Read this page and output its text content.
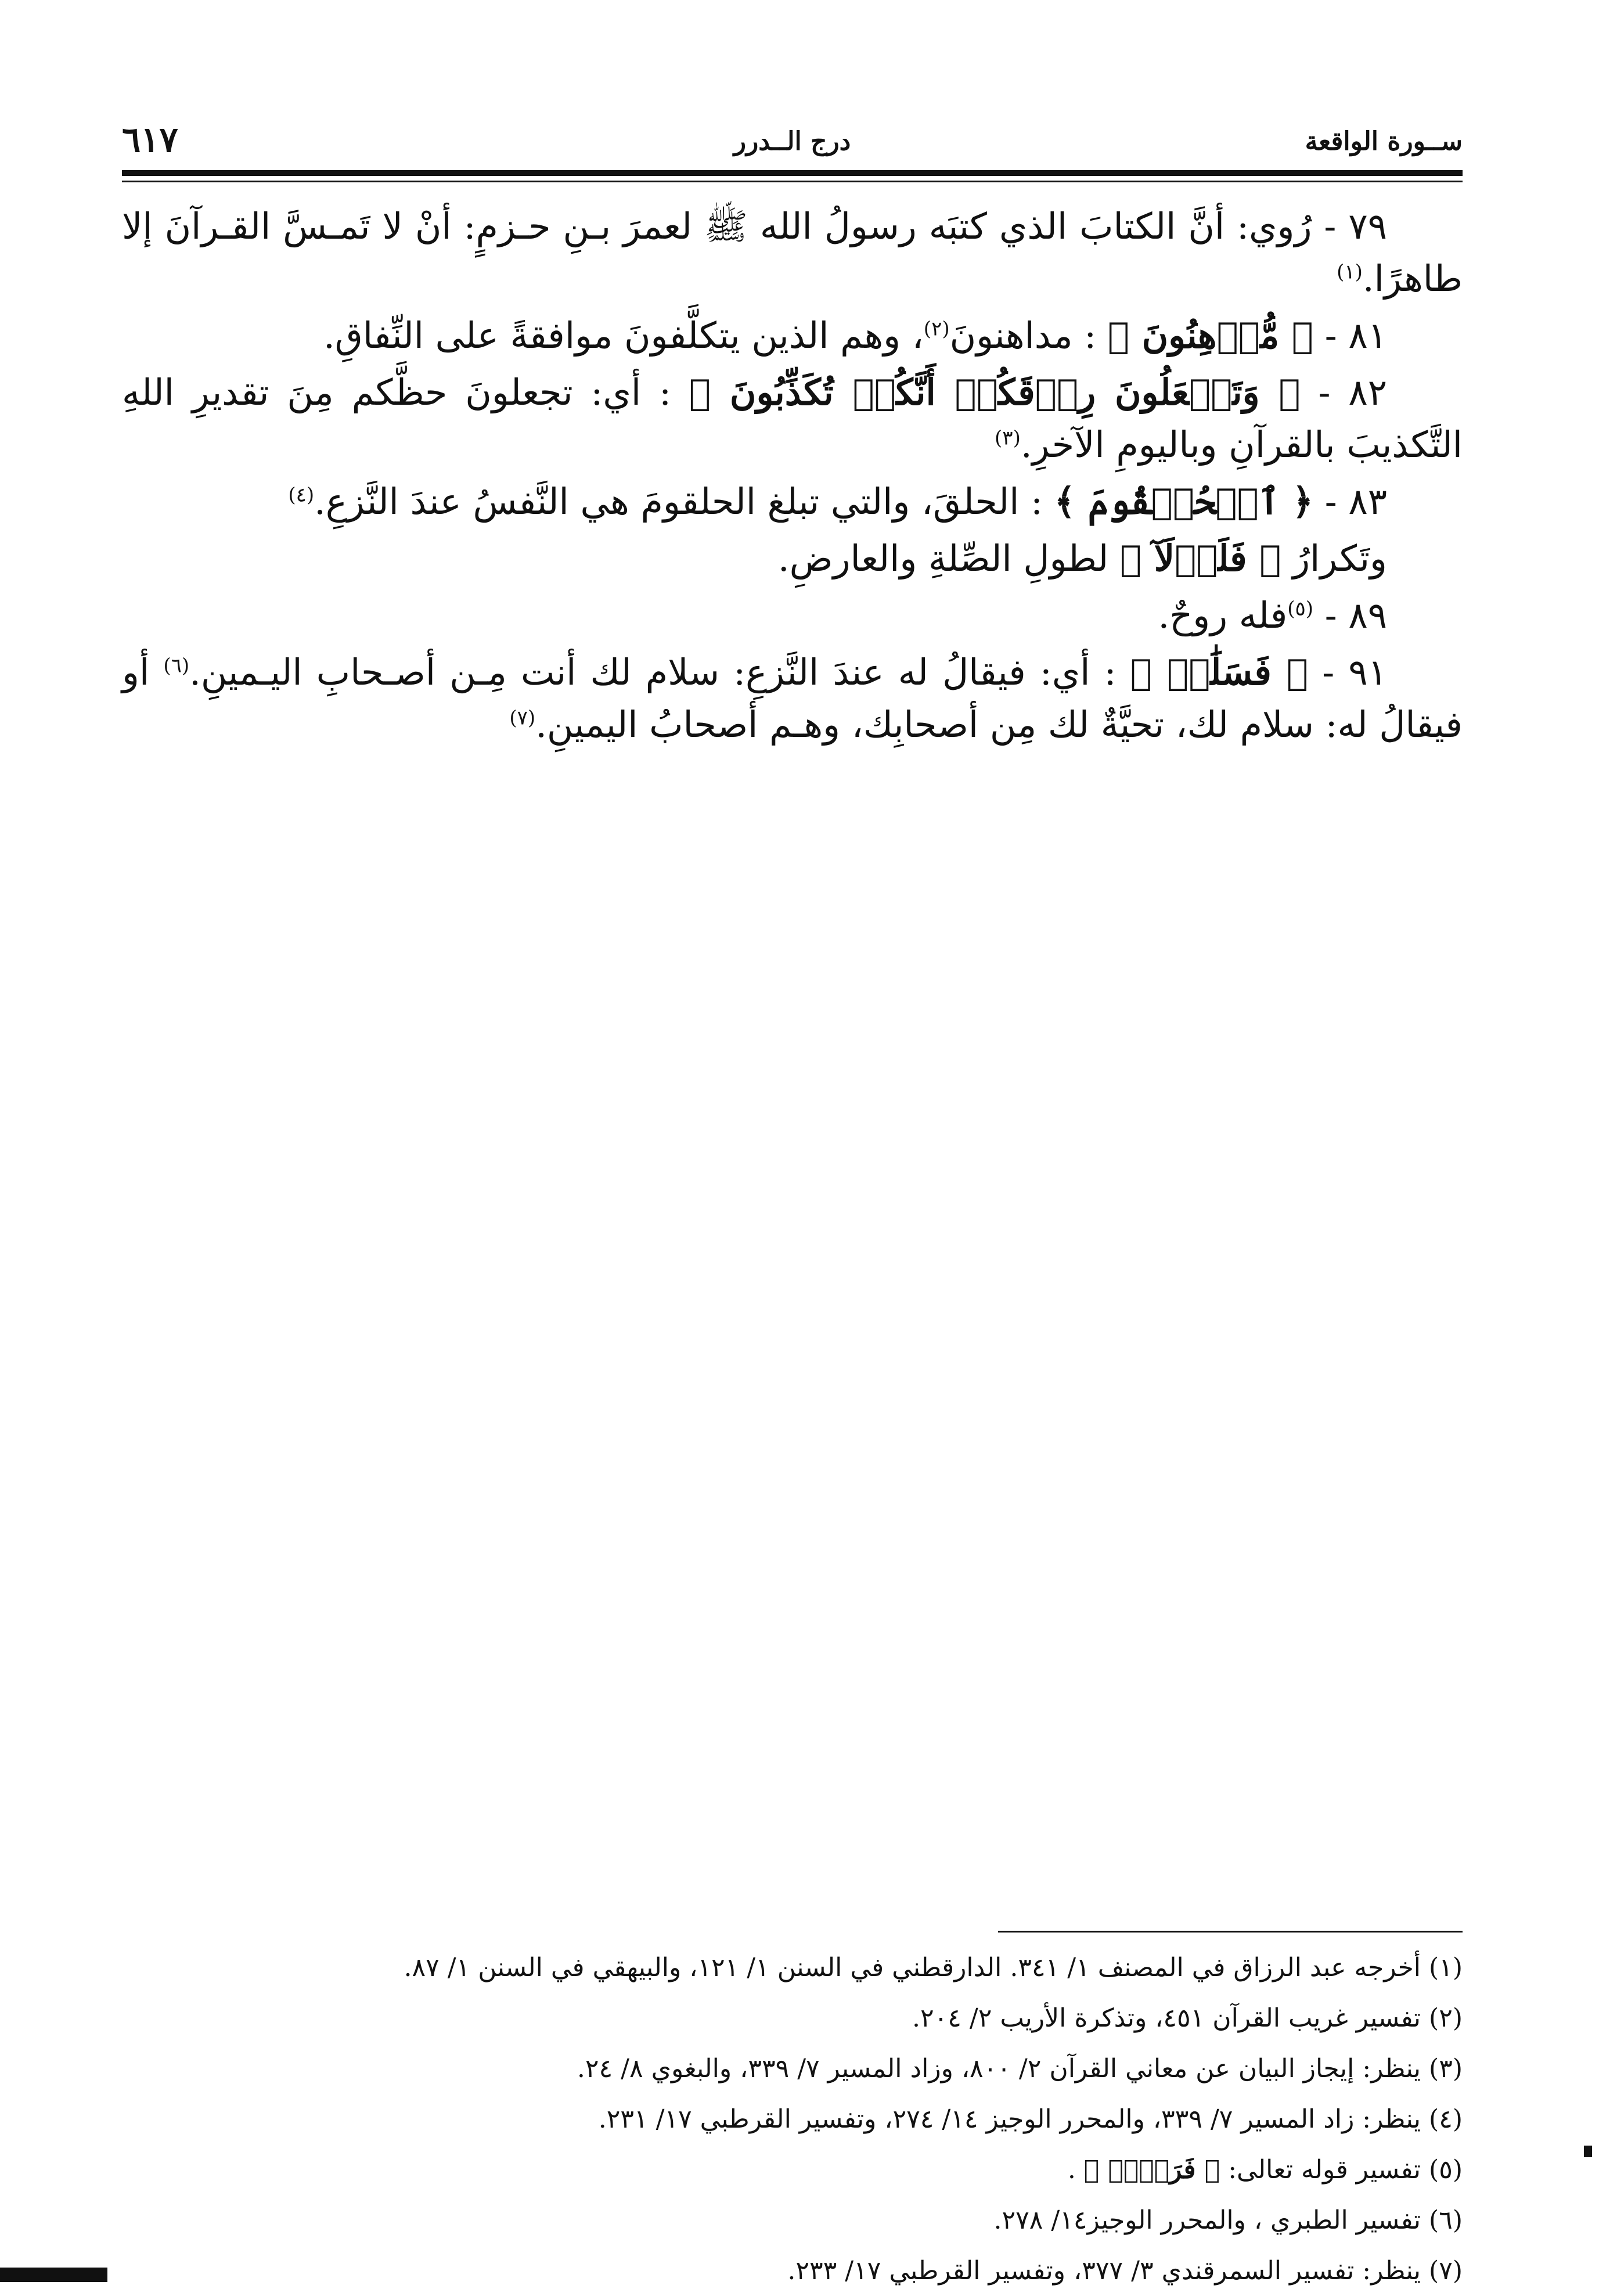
ســورة الواقعة
درج الــدرر
٦١٧

٧٩ - رُوي: أنَّ الكتابَ الذي كتبَه رسولُ الله ﷺ لعمرَ بـنِ حـزمٍ: أنْ لا تَمـسَّ القـرآنَ إلا طاهرًا.$^{(١)}$

٨١ - ﴿ مُّدۡهِنُونَ ﴾ : مداهنونَ$^{(٢)}$، وهم الذين يتكلَّفونَ موافقةً على النِّفاقِ.

٨٢ - ﴿ وَتَجۡعَلُونَ رِزۡقَكُمۡ أَنَّكُمۡ تُكَذِّبُونَ ﴾ : أي: تجعلونَ حظَّكم مِنَ تقديرِ اللهِ التَّكذيبَ بالقرآنِ وباليومِ الآخرِ.$^{(٣)}$

٨٣ - ﴿ ٱلۡحُلۡقُومَ ﴾ : الحلقَ، والتي تبلغ الحلقومَ هي النَّفسُ عندَ النَّزعِ.$^{(٤)}$

وتَكرارُ ﴿ فَلَوۡلَآ ﴾ لطولِ الصِّلةِ والعارضِ.

٨٩ - $^{(٥)}$فله روحٌ.

٩١ - ﴿ فَسَلَٰمٞ ﴾ : أي: فيقالُ له عندَ النَّزعِ: سلام لك أنت مِـن أصـحابِ اليـمينِ.$^{(٦)}$ أو فيقالُ له: سلام لك، تحيَّةٌ لك مِن أصحابِك، وهـم أصحابُ اليمينِ.$^{(٧)}$

(١) أخرجه عبد الرزاق في المصنف ١/ ٣٤١. الدارقطني في السنن ١/ ١٢١، والبيهقي في السنن ١/ ٨٧.
(٢) تفسير غريب القرآن ٤٥١، وتذكرة الأريب ٢/ ٢٠٤.
(٣) ينظر: إيجاز البيان عن معاني القرآن ٢/ ٨٠٠، وزاد المسير ٧/ ٣٣٩، والبغوي ٨/ ٢٤.
(٤) ينظر: زاد المسير ٧/ ٣٣٩، والمحرر الوجيز ١٤/ ٢٧٤، وتفسير القرطبي ١٧/ ٢٣١.
(٥) تفسير قوله تعالى: ﴿ فَرَوۡحٞ ﴾ .
(٦) تفسير الطبري ، والمحرر الوجيز١٤/ ٢٧٨.
(٧) ينظر: تفسير السمرقندي ٣/ ٣٧٧، وتفسير القرطبي ١٧/ ٢٣٣.
